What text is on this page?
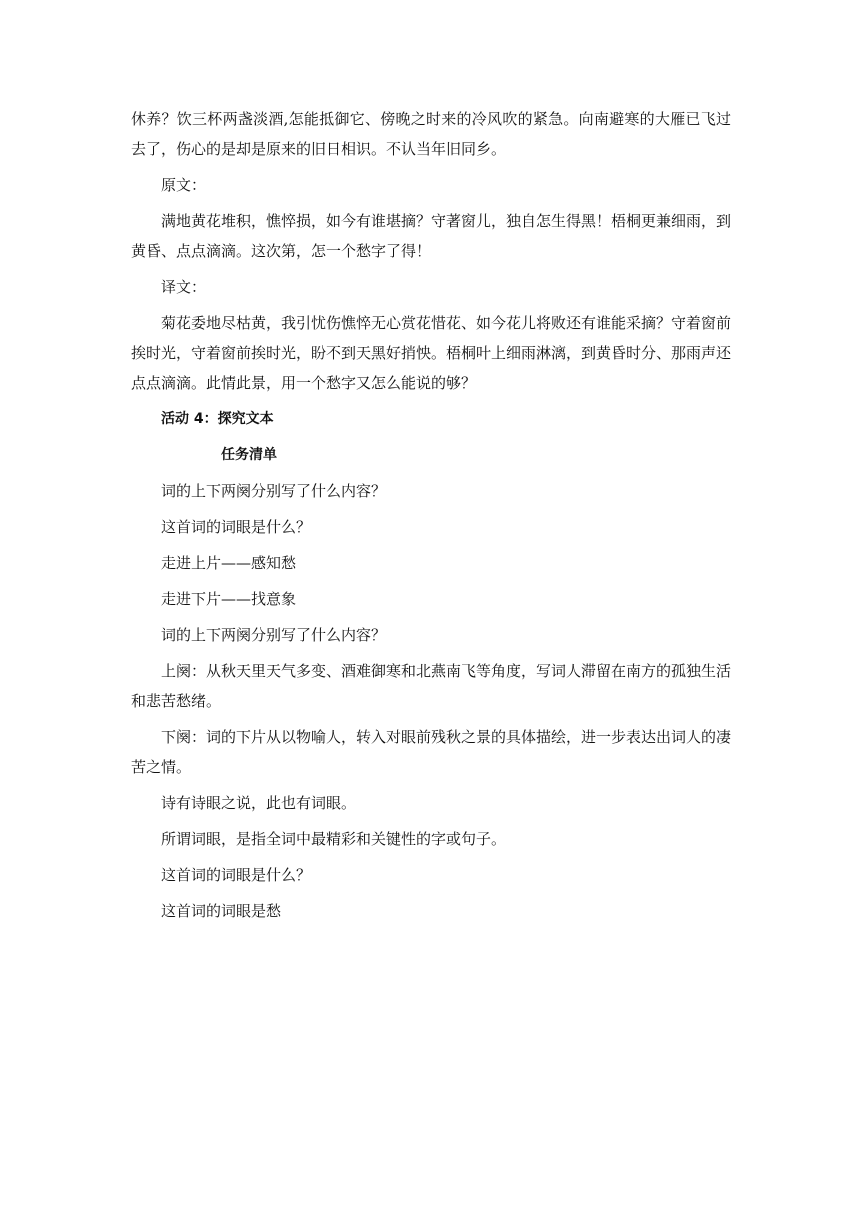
休养？饮三杯两盏淡酒,怎能抵御它、傍晚之时来的冷风吹的紧急。向南避寒的大雁已飞过去了，伤心的是却是原来的旧日相识。不认当年旧同乡。

原文：

满地黄花堆积，憔悴损，如今有谁堪摘？守著窗儿，独自怎生得黑！梧桐更兼细雨，到黄昏、点点滴滴。这次第，怎一个愁字了得！

译文：

菊花委地尽枯黄，我引忧伤憔悴无心赏花惜花、如今花儿将败还有谁能采摘？守着窗前挨时光，守着窗前挨时光，盼不到天黑好捎怏。梧桐叶上细雨淋漓，到黄昏时分、那雨声还点点滴滴。此情此景，用一个愁字又怎么能说的够？

活动 4：探究文本

任务清单

词的上下两阕分别写了什么内容？

这首词的词眼是什么？

走进上片——感知愁

走进下片——找意象

词的上下两阕分别写了什么内容？

上阕：从秋天里天气多变、酒难御寒和北燕南飞等角度，写词人滞留在南方的孤独生活和悲苦愁绪。

下阕：词的下片从以物喻人，转入对眼前残秋之景的具体描绘，进一步表达出词人的凄苦之情。

诗有诗眼之说，此也有词眼。

所谓词眼，是指全词中最精彩和关键性的字或句子。

这首词的词眼是什么？

这首词的词眼是愁
